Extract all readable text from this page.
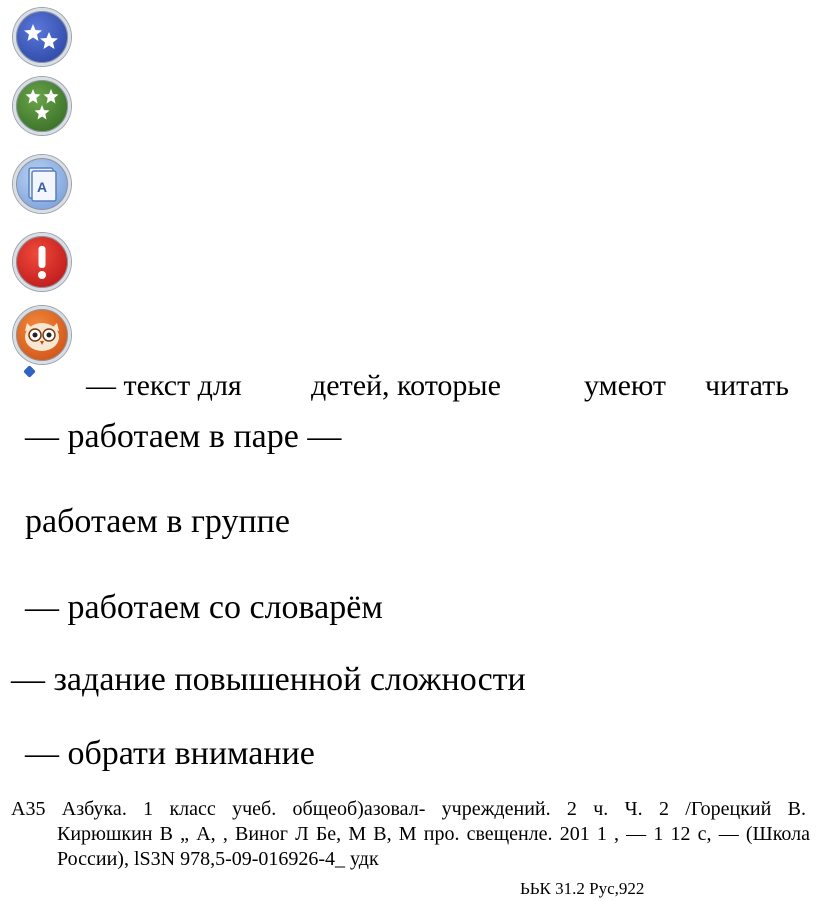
A
— текст для детей, которые	умеют читать
— работаем в паре —
работаем в группе
— работаем со словарём
— задание повышенной сложности
— обрати внимание
А35 Азбука. 1 класс учеб. общеоб)азовал- учреждений. 2 ч. Ч. 2 /Горецкий В.
Кирюшкин В „ А, , Виног Л Бе, М В, М про. свещенле. 201 1 , — 1 12 с, — (Школа
России), lS3N 978,5-09-016926-4_ удк
ЬЬК 31.2 Рус,922
